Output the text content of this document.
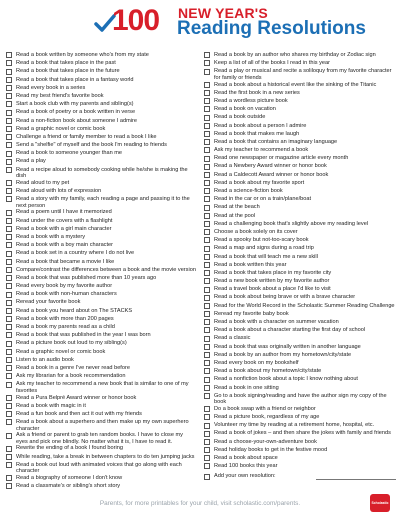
100 NEW YEAR'S
Reading Resolutions
Read a book written by someone who's from my state
Read a book that takes place in the past
Read a book that takes place in the future
Read a book that takes place in a fantasy world
Read every book in a series
Read my best friend's favorite book
Start a book club with my parents and sibling(s)
Read a book of poetry or a book written in verse
Read a non-fiction book about someone I admire
Read a graphic novel or comic book
Challenge a friend or family member to read a book I like
Send a "shelfie" of myself and the book I'm reading to friends
Read a book to someone younger than me
Read a play
Read a recipe aloud to somebody cooking while he/she is making the dish
Read aloud to my pet
Read aloud with lots of expression
Read a story with my family, each reading a page and passing it to the next person
Read a poem until I have it memorized
Read under the covers with a flashlight
Read a book with a girl main character
Read a book with a mystery
Read a book with a boy main character
Read a book set in a country where I do not live
Read a book that became a movie I like
Compare/contrast the differences between a book and the movie version
Read a book that was published more than 10 years ago
Read every book by my favorite author
Read a book with non-human characters
Reread your favorite book
Read a book you heard about on The STACKS
Read a book with more than 200 pages
Read a book my parents read as a child
Read a book that was published in the year I was born
Read a picture book out loud to my sibling(s)
Read a graphic novel or comic book
Listen to an audio book
Read a book in a genre I've never read before
Ask my librarian for a book recommendation
Ask my teacher to recommend a new book that is similar to one of my favorites
Read a Pura Belpré Award winner or honor book
Read a book with magic in it
Read a fun book and then act it out with my friends
Read a book about a superhero and then make up my own superhero character
Ask a friend or parent to grab ten random books. I have to close my eyes and pick one blindly. No matter what it is, I have to read it.
Rewrite the ending of a book I found boring
While reading, take a break in between chapters to do ten jumping jacks
Read a book out loud with animated voices that go along with each character
Read a biography of someone I don't know
Read a classmate's or sibling's short story
Read a book by an author who shares my birthday or Zodiac sign
Keep a list of all of the books I read in this year
Read a play or musical and recite a soliloquy from my favorite character for family or friends
Read a book about a historical event like the sinking of the Titanic
Read the first book in a new series
Read a wordless picture book
Read a book on vacation
Read a book outside
Read a book about a person I admire
Read a book that makes me laugh
Read a book that contains an imaginary language
Ask my teacher to recommend a book
Read one newspaper or magazine article every month
Read a Newbery Award winner or honor book
Read a Caldecott Award winner or honor book
Read a book about my favorite sport
Read a science-fiction book
Read in the car or on a train/plane/boat
Read at the beach
Read at the pool
Read a challenging book that's slightly above my reading level
Choose a book solely on its cover
Read a spooky but not-too-scary book
Read a map and signs during a road trip
Read a book that will teach me a new skill
Read a book written this year
Read a book that takes place in my favorite city
Read a new book written by my favorite author
Read a travel book about a place I'd like to visit
Read a book about being brave or with a brave character
Read for the World Record in the Scholastic Summer Reading Challenge
Reread my favorite baby book
Read a book with a character on summer vacation
Read a book about a character starting the first day of school
Read a classic
Read a book that was originally written in another language
Read a book by an author from my hometown/city/state
Read every book on my bookshelf
Read a book about my hometown/city/state
Read a nonfiction book about a topic I know nothing about
Read a book in one sitting
Go to a book signing/reading and have the author sign my copy of the book
Do a book swap with a friend or neighbor
Read a picture book, regardless of my age
Volunteer my time by reading at a retirement home, hospital, etc.
Read a book of jokes – and then share the jokes with family and friends
Read a choose-your-own-adventure book
Read holiday books to get in the festive mood
Read a book about space
Read 100 books this year
Add your own resolution:
Parents, for more printables for your child, visit scholastic.com/parents.	Scholastic
